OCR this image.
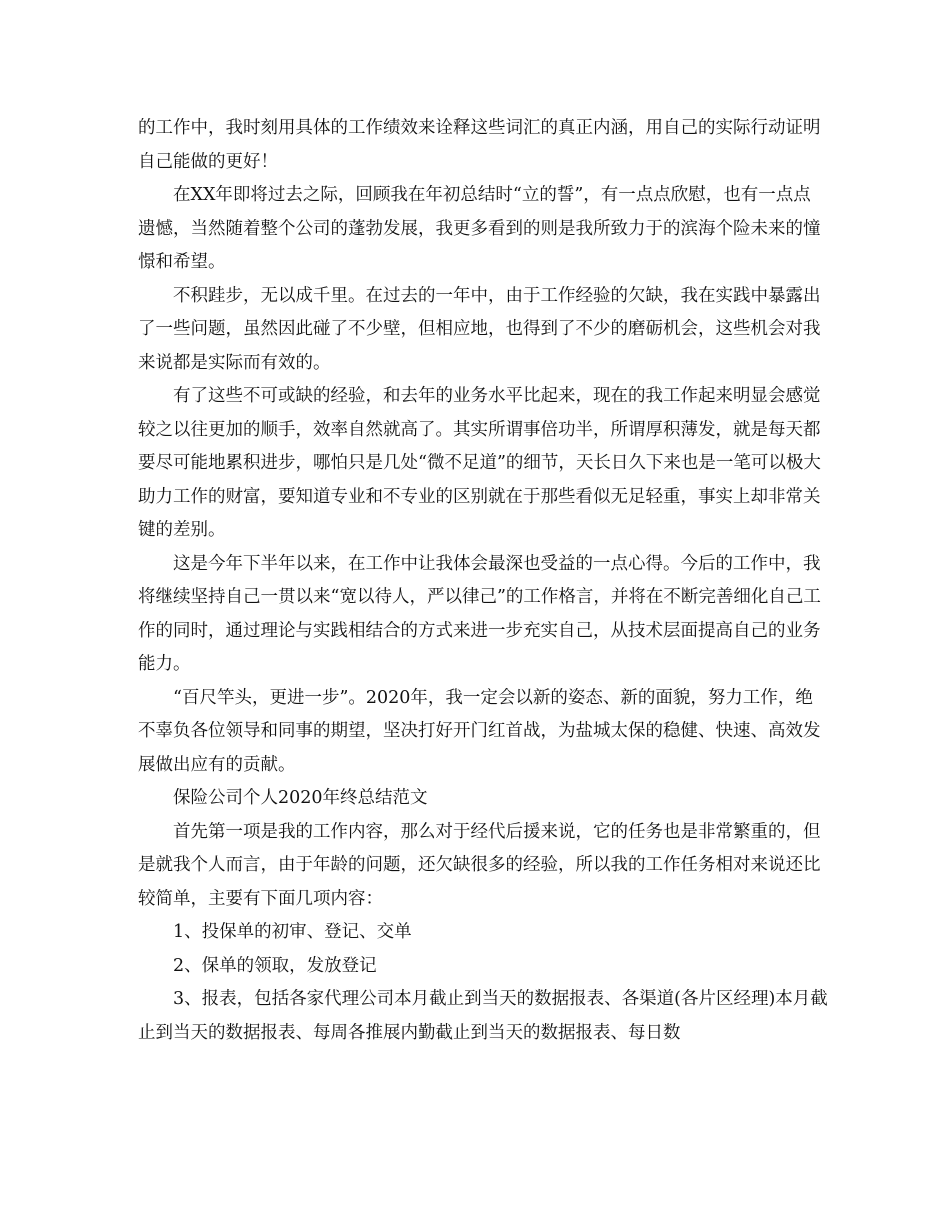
的工作中，我时刻用具体的工作绩效来诠释这些词汇的真正内涵，用自己的实际行动证明自己能做的更好！

在XX年即将过去之际，回顾我在年初总结时“立的誓”，有一点点欣慰，也有一点点遗憾，当然随着整个公司的蓬勃发展，我更多看到的则是我所致力于的滨海个险未来的憧憬和希望。

不积跬步，无以成千里。在过去的一年中，由于工作经验的欠缺，我在实践中暴露出了一些问题，虽然因此碰了不少壁，但相应地，也得到了不少的磨砺机会，这些机会对我来说都是实际而有效的。

有了这些不可或缺的经验，和去年的业务水平比起来，现在的我工作起来明显会感觉较之以往更加的顺手，效率自然就高了。其实所谓事倍功半，所谓厚积薄发，就是每天都要尽可能地累积进步，哪怕只是几处“微不足道”的细节，天长日久下来也是一笔可以极大助力工作的财富，要知道专业和不专业的区别就在于那些看似无足轻重，事实上却非常关键的差别。

这是今年下半年以来，在工作中让我体会最深也受益的一点心得。今后的工作中，我将继续坚持自己一贯以来“宽以待人，严以律己”的工作格言，并将在不断完善细化自己工作的同时，通过理论与实践相结合的方式来进一步充实自己，从技术层面提高自己的业务能力。

“百尺竿头，更进一步”。2020年，我一定会以新的姿态、新的面貌，努力工作，绝不辜负各位领导和同事的期望，坚决打好开门红首战，为盐城太保的稳健、快速、高效发展做出应有的贡献。

保险公司个人2020年终总结范文

首先第一项是我的工作内容，那么对于经代后援来说，它的任务也是非常繁重的，但是就我个人而言，由于年龄的问题，还欠缺很多的经验，所以我的工作任务相对来说还比较简单，主要有下面几项内容：

1、投保单的初审、登记、交单

2、保单的领取，发放登记

3、报表，包括各家代理公司本月截止到当天的数据报表、各渠道(各片区经理)本月截止到当天的数据报表、每周各推展内勤截止到当天的数据报表、每日数
